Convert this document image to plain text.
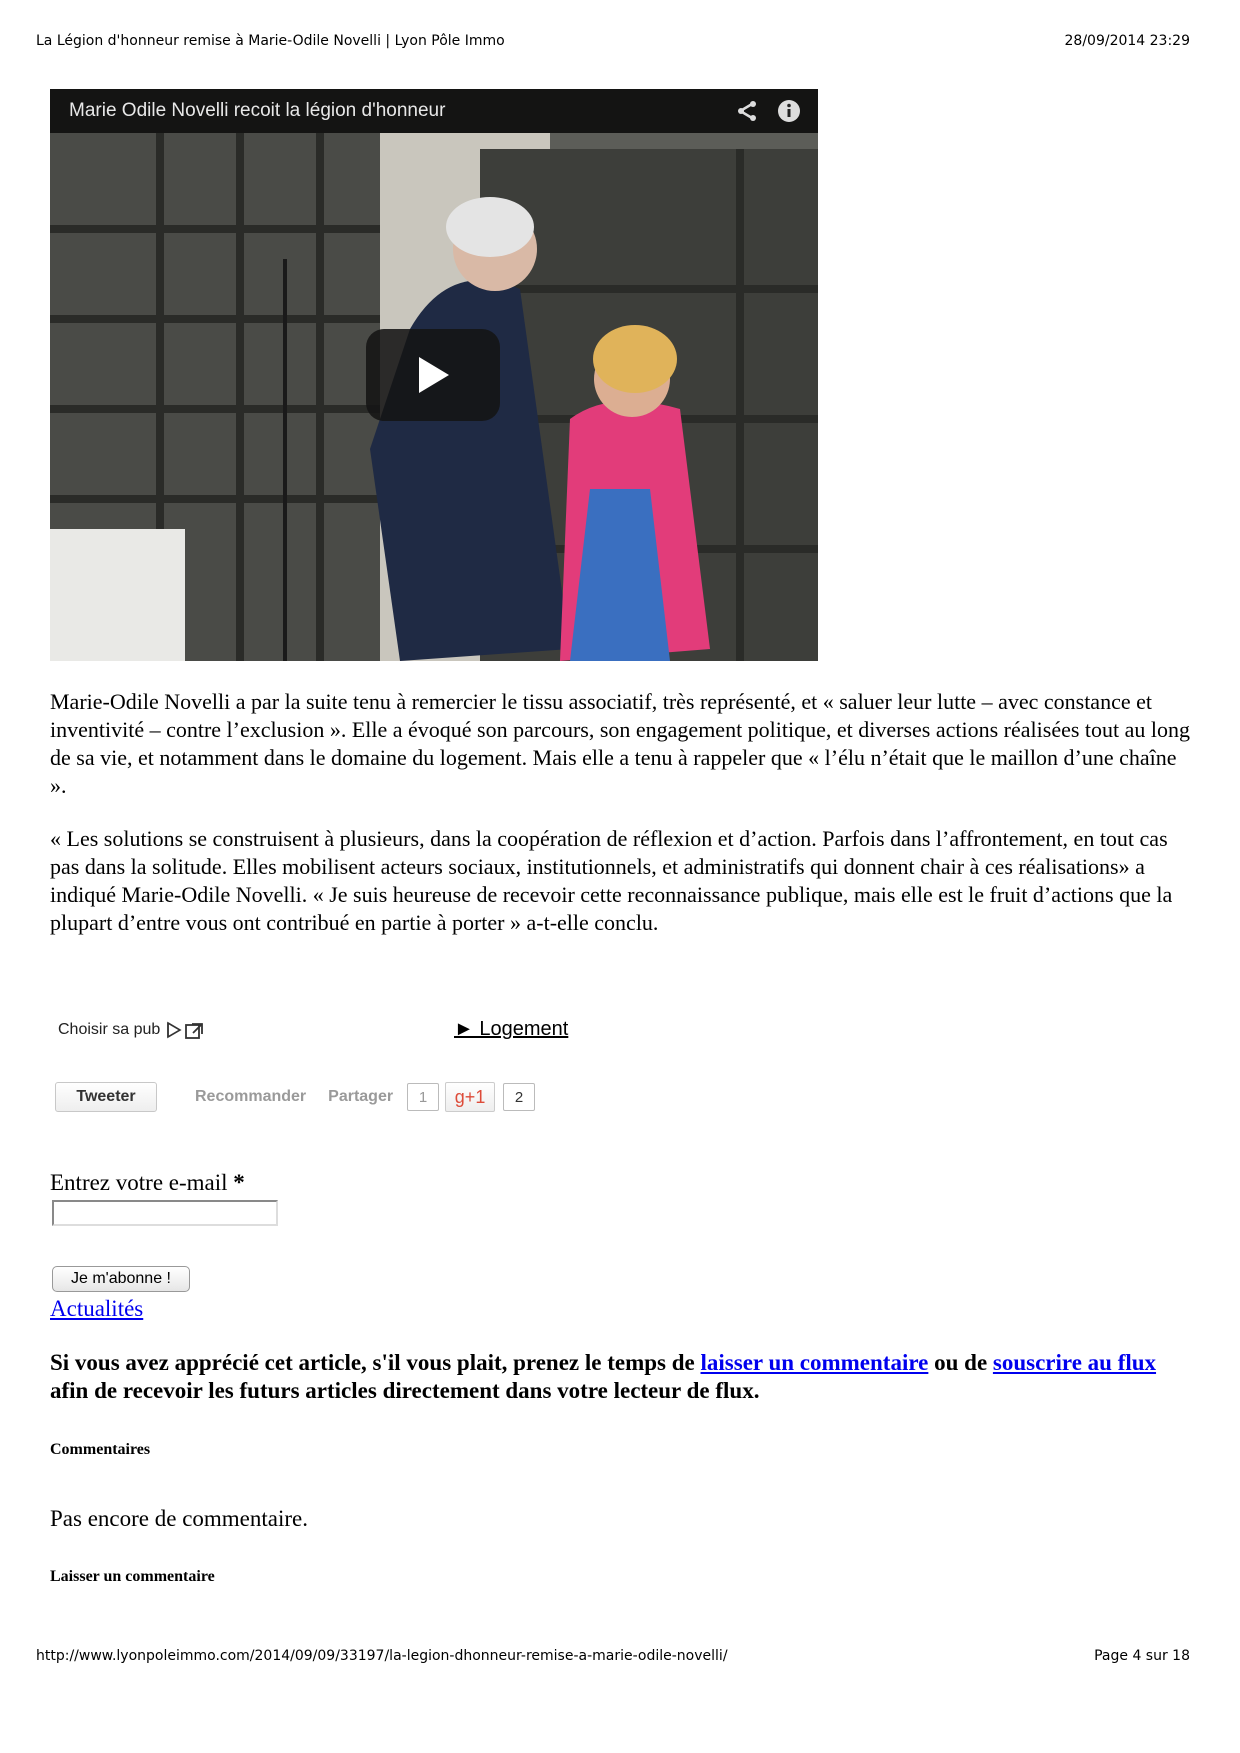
La Légion d'honneur remise à Marie-Odile Novelli | Lyon Pôle Immo	28/09/2014 23:29
Marie Odile Novelli recoit la légion d'honneur

Marie-Odile Novelli a par la suite tenu à remercier le tissu associatif, très représenté, et « saluer leur lutte – avec constance et inventivité – contre l’exclusion ». Elle a évoqué son parcours, son engagement politique, et diverses actions réalisées tout au long de sa vie, et notamment dans le domaine du logement. Mais elle a tenu à rappeler que « l’élu n’était que le maillon d’une chaîne ».

« Les solutions se construisent à plusieurs, dans la coopération de réflexion et d’action. Parfois dans l’affrontement, en tout cas pas dans la solitude. Elles mobilisent acteurs sociaux, institutionnels, et administratifs qui donnent chair à ces réalisations» a indiqué Marie-Odile Novelli. « Je suis heureuse de recevoir cette reconnaissance publique, mais elle est le fruit d’actions que la plupart d’entre vous ont contribué en partie à porter » a-t-elle conclu.

Choisir sa pub	► Logement
Tweeter	Recommander Partager	1	g+1	2
Entrez votre e-mail *
Je m'abonne !
Actualités

Si vous avez apprécié cet article, s'il vous plait, prenez le temps de laisser un commentaire ou de souscrire au flux afin de recevoir les futurs articles directement dans votre lecteur de flux.

Commentaires
Pas encore de commentaire.
Laisser un commentaire
http://www.lyonpoleimmo.com/2014/09/09/33197/la-legion-dhonneur-remise-a-marie-odile-novelli/	Page 4 sur 18
